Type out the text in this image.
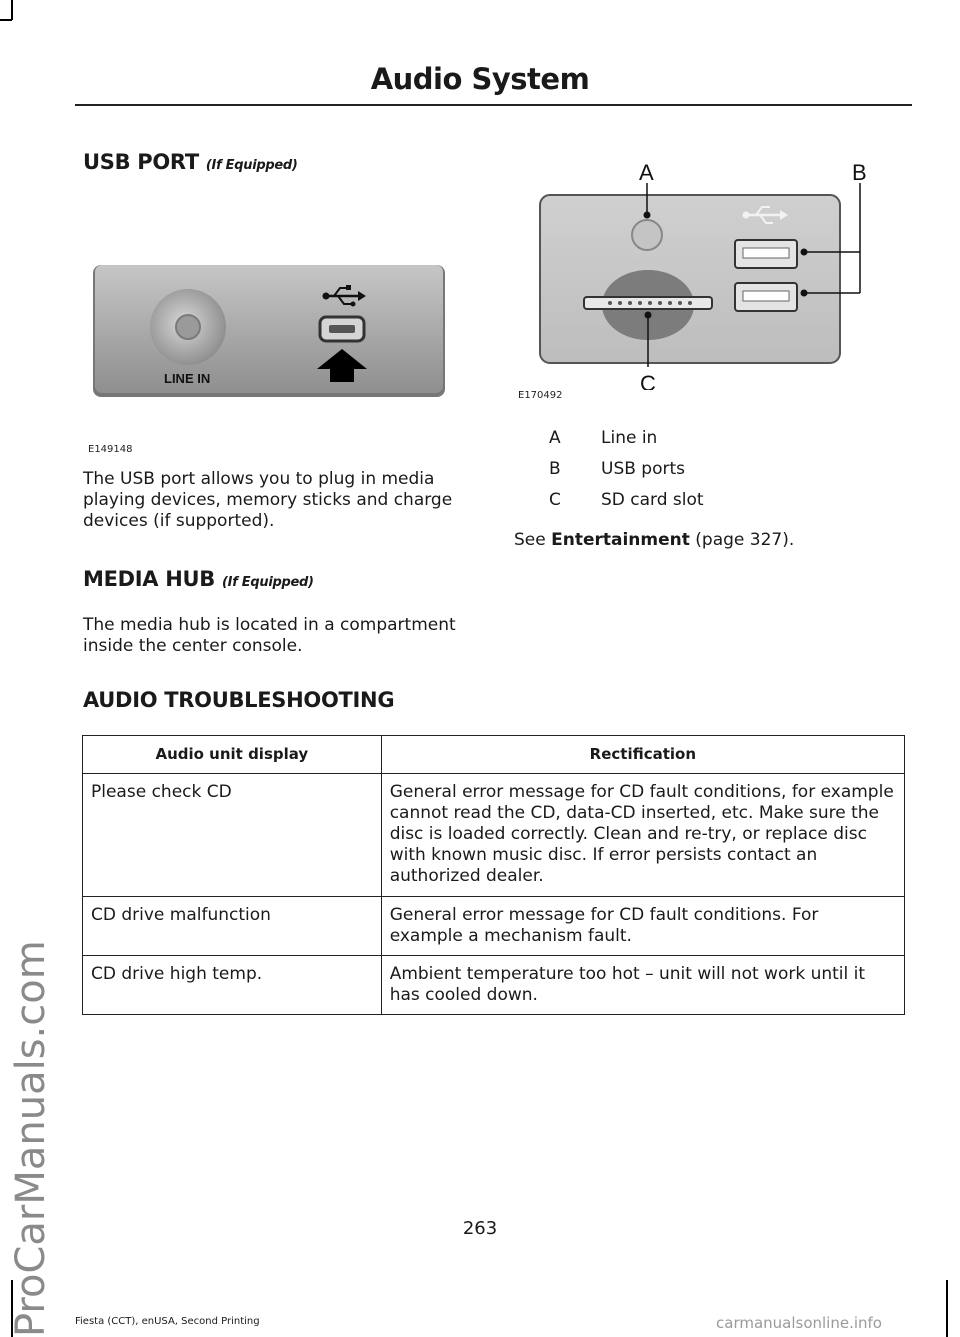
ProCarManuals.com
Audio System
USB PORT (If Equipped)
LINE IN
E149148
The USB port allows you to plug in media playing devices, memory sticks and charge devices (if supported).
MEDIA HUB (If Equipped)
The media hub is located in a compartment inside the center console.
A	B
C
E170492
A Line in
B USB ports
C SD card slot
See Entertainment (page 327).
AUDIO TROUBLESHOOTING
Audio unit display	Rectification
Please check CD	General error message for CD fault conditions, for example cannot read the CD, data-CD inserted, etc. Make sure the disc is loaded correctly. Clean and re-try, or replace disc with known music disc. If error persists contact an authorized dealer.
CD drive malfunction	General error message for CD fault conditions. For example a mechanism fault.
CD drive high temp.	Ambient temperature too hot – unit will not work until it has cooled down.
263
Fiesta (CCT), enUSA, Second Printing	carmanualsonline.info
